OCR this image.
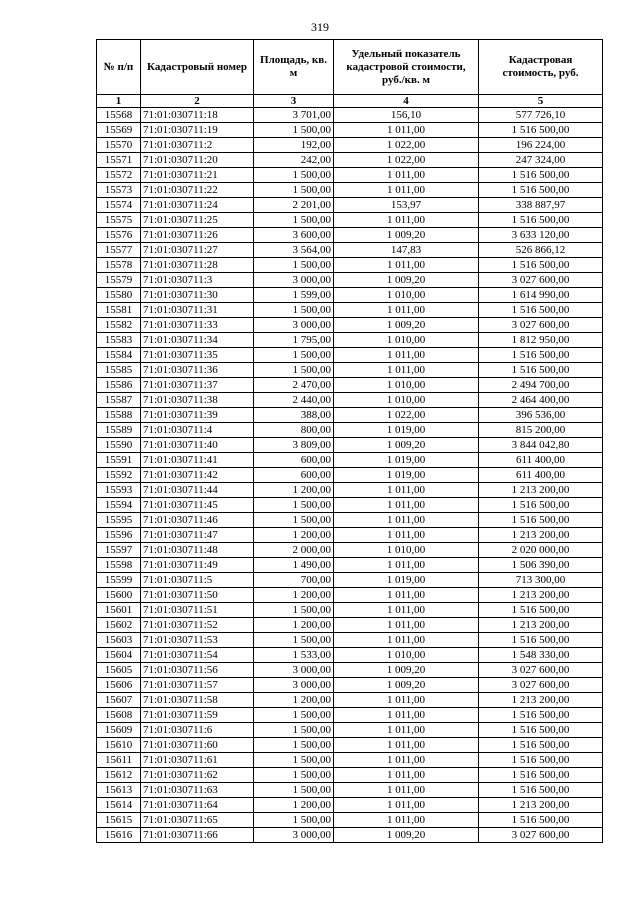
319
№ п/п	Кадастровый номер	Площадь, кв. м	Удельный показатель кадастровой стоимости, руб./кв. м	Кадастровая стоимость, руб.
1	2	3	4	5
15568	71:01:030711:18	3 701,00	156,10	577 726,10
15569	71:01:030711:19	1 500,00	1 011,00	1 516 500,00
15570	71:01:030711:2	192,00	1 022,00	196 224,00
15571	71:01:030711:20	242,00	1 022,00	247 324,00
15572	71:01:030711:21	1 500,00	1 011,00	1 516 500,00
15573	71:01:030711:22	1 500,00	1 011,00	1 516 500,00
15574	71:01:030711:24	2 201,00	153,97	338 887,97
15575	71:01:030711:25	1 500,00	1 011,00	1 516 500,00
15576	71:01:030711:26	3 600,00	1 009,20	3 633 120,00
15577	71:01:030711:27	3 564,00	147,83	526 866,12
15578	71:01:030711:28	1 500,00	1 011,00	1 516 500,00
15579	71:01:030711:3	3 000,00	1 009,20	3 027 600,00
15580	71:01:030711:30	1 599,00	1 010,00	1 614 990,00
15581	71:01:030711:31	1 500,00	1 011,00	1 516 500,00
15582	71:01:030711:33	3 000,00	1 009,20	3 027 600,00
15583	71:01:030711:34	1 795,00	1 010,00	1 812 950,00
15584	71:01:030711:35	1 500,00	1 011,00	1 516 500,00
15585	71:01:030711:36	1 500,00	1 011,00	1 516 500,00
15586	71:01:030711:37	2 470,00	1 010,00	2 494 700,00
15587	71:01:030711:38	2 440,00	1 010,00	2 464 400,00
15588	71:01:030711:39	388,00	1 022,00	396 536,00
15589	71:01:030711:4	800,00	1 019,00	815 200,00
15590	71:01:030711:40	3 809,00	1 009,20	3 844 042,80
15591	71:01:030711:41	600,00	1 019,00	611 400,00
15592	71:01:030711:42	600,00	1 019,00	611 400,00
15593	71:01:030711:44	1 200,00	1 011,00	1 213 200,00
15594	71:01:030711:45	1 500,00	1 011,00	1 516 500,00
15595	71:01:030711:46	1 500,00	1 011,00	1 516 500,00
15596	71:01:030711:47	1 200,00	1 011,00	1 213 200,00
15597	71:01:030711:48	2 000,00	1 010,00	2 020 000,00
15598	71:01:030711:49	1 490,00	1 011,00	1 506 390,00
15599	71:01:030711:5	700,00	1 019,00	713 300,00
15600	71:01:030711:50	1 200,00	1 011,00	1 213 200,00
15601	71:01:030711:51	1 500,00	1 011,00	1 516 500,00
15602	71:01:030711:52	1 200,00	1 011,00	1 213 200,00
15603	71:01:030711:53	1 500,00	1 011,00	1 516 500,00
15604	71:01:030711:54	1 533,00	1 010,00	1 548 330,00
15605	71:01:030711:56	3 000,00	1 009,20	3 027 600,00
15606	71:01:030711:57	3 000,00	1 009,20	3 027 600,00
15607	71:01:030711:58	1 200,00	1 011,00	1 213 200,00
15608	71:01:030711:59	1 500,00	1 011,00	1 516 500,00
15609	71:01:030711:6	1 500,00	1 011,00	1 516 500,00
15610	71:01:030711:60	1 500,00	1 011,00	1 516 500,00
15611	71:01:030711:61	1 500,00	1 011,00	1 516 500,00
15612	71:01:030711:62	1 500,00	1 011,00	1 516 500,00
15613	71:01:030711:63	1 500,00	1 011,00	1 516 500,00
15614	71:01:030711:64	1 200,00	1 011,00	1 213 200,00
15615	71:01:030711:65	1 500,00	1 011,00	1 516 500,00
15616	71:01:030711:66	3 000,00	1 009,20	3 027 600,00
